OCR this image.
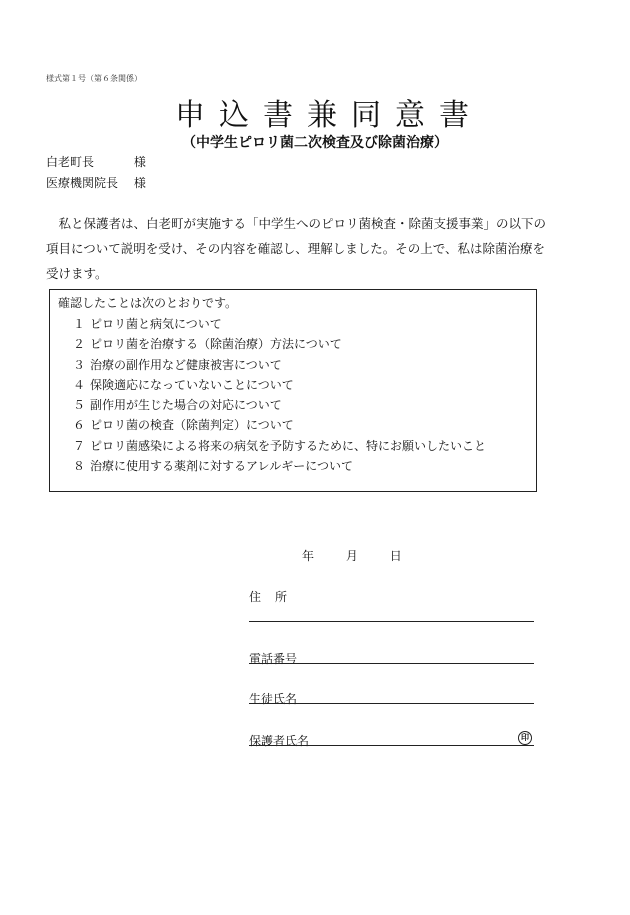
様式第１号（第６条関係）
申込書兼同意書
（中学生ピロリ菌二次検査及び除菌治療）
白老町長	様
医療機関院長 様
私と保護者は、白老町が実施する「中学生へのピロリ菌検査・除菌支援事業」の以下の項目について説明を受け、その内容を確認し、理解しました。その上で、私は除菌治療を受けます。
確認したことは次のとおりです。
１ ピロリ菌と病気について
２ ピロリ菌を治療する（除菌治療）方法について
３ 治療の副作用など健康被害について
４ 保険適応になっていないことについて
５ 副作用が生じた場合の対応について
６ ピロリ菌の検査（除菌判定）について
７ ピロリ菌感染による将来の病気を予防するために、特にお願いしたいこと
８ 治療に使用する薬剤に対するアレルギーについて
年	月	日
住所
電話番号
生徒氏名
保護者氏名	印
